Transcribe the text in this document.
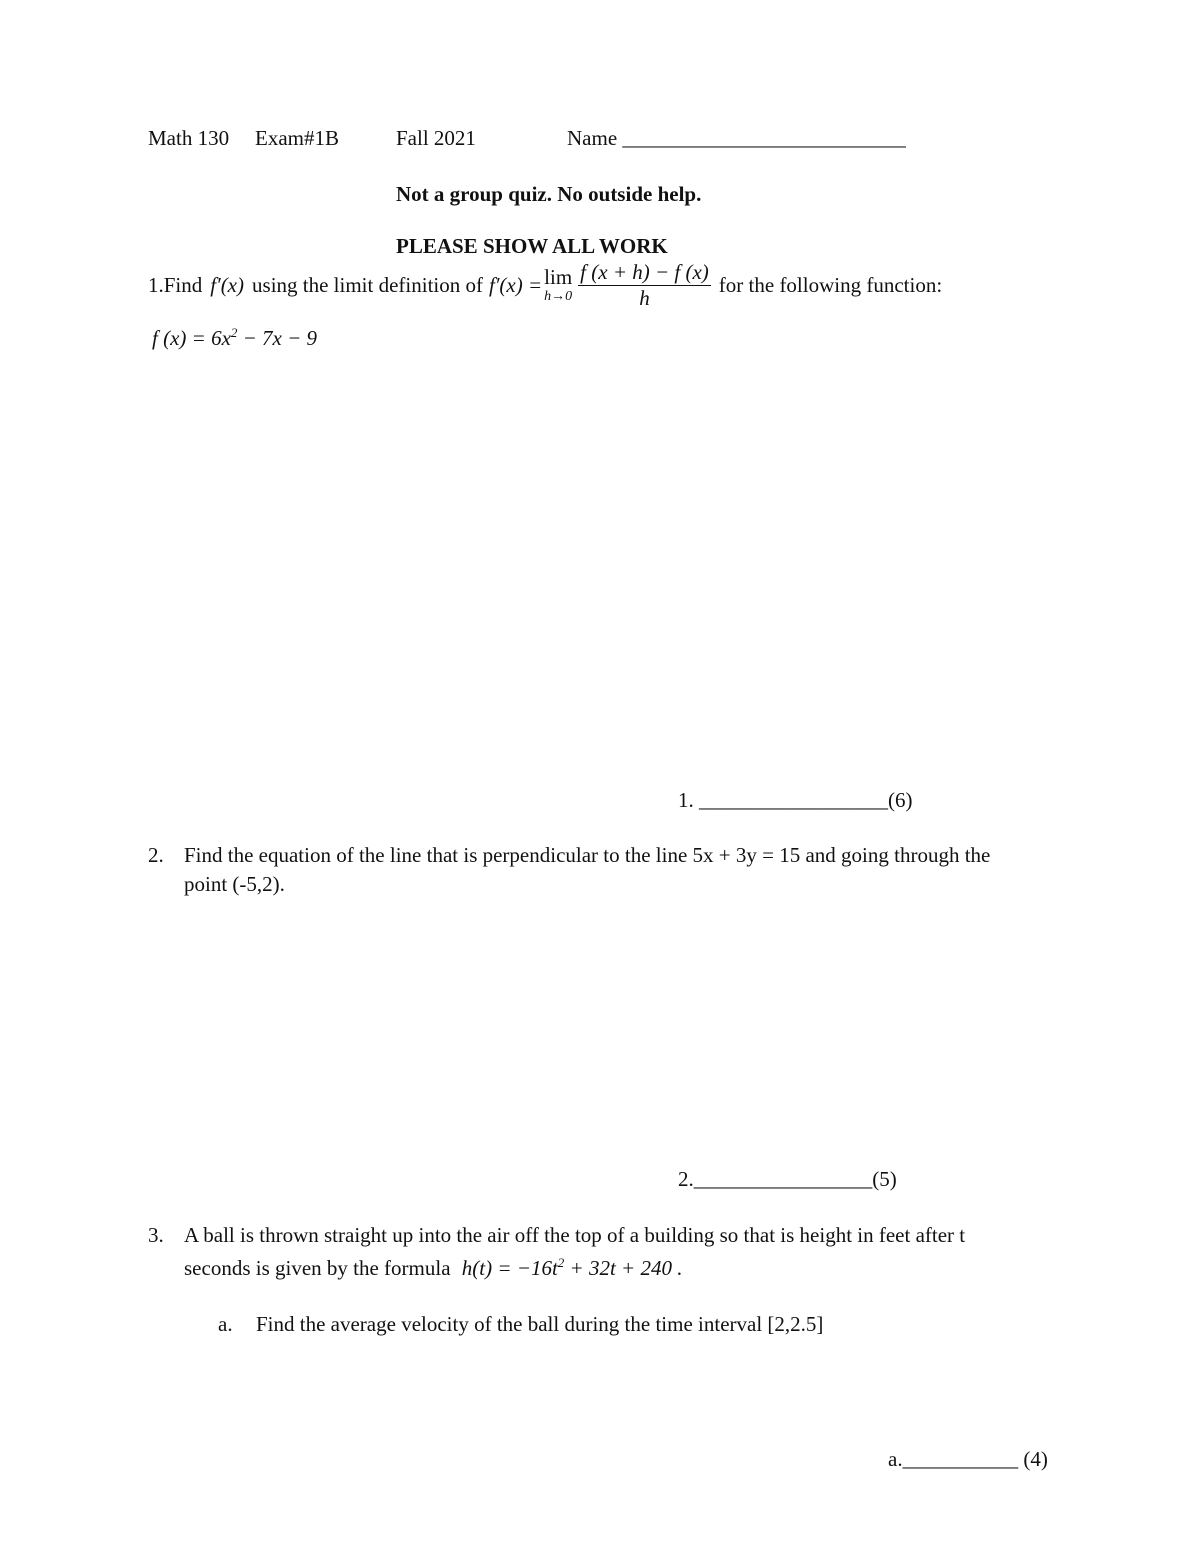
Math 130 Exam#1B	Fall 2021	Name ___________________________
Not a group quiz. No outside help.
PLEASE SHOW ALL WORK
1.Find f′(x) using the limit definition of f′(x) = lim
$h\to 0 \frac{f (x + h) - f (x)}{h}$ for the following function:
f $(x) = 6x^2 - 7x - 9$
1. __________________(6)
2. Find the equation of the line that is perpendicular to the line 5x + 3y = 15 and going through the
point (-5,2).
2._________________(5)
3. A ball is thrown straight up into the air off the top of a building so that is height in feet after t
seconds is given by the formula $h(t) = -16t^2 + 32t + 240$ .
a. Find the average velocity of the ball during the time interval [2,2.5]
a.___________ (4)
